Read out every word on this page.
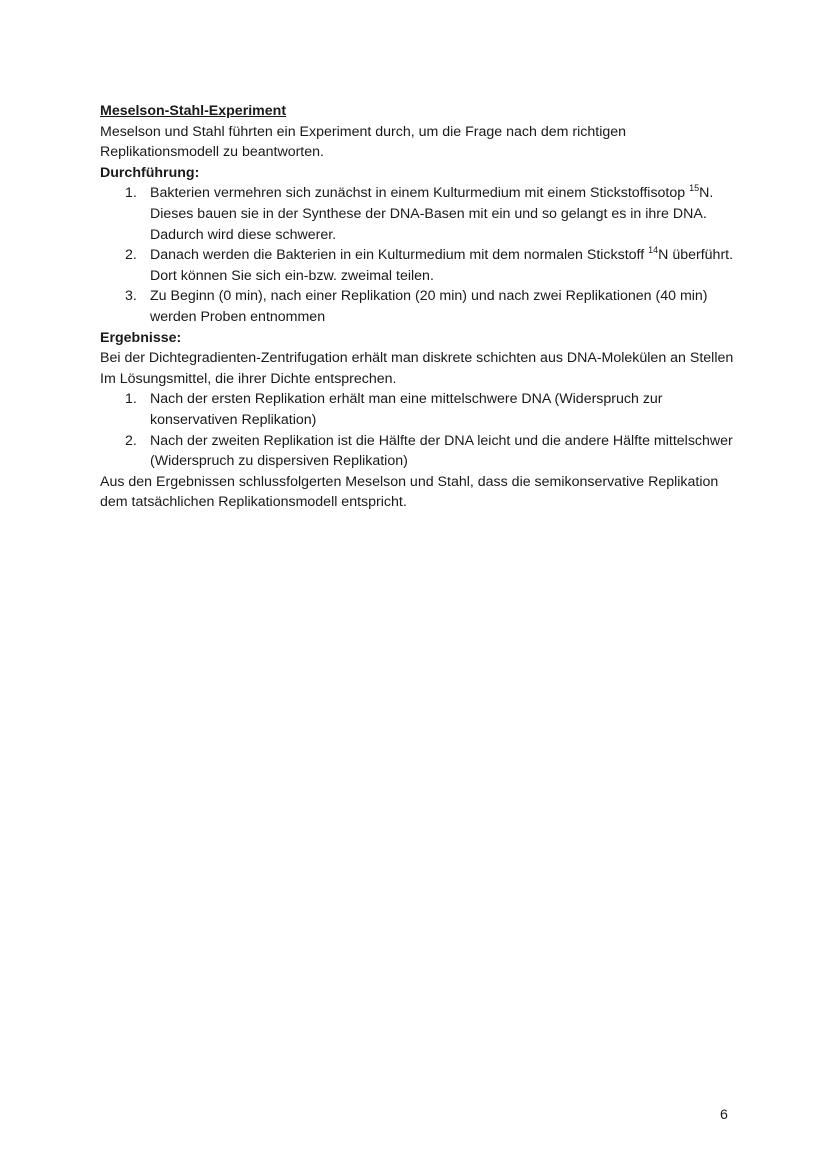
Meselson-Stahl-Experiment

Meselson und Stahl führten ein Experiment durch, um die Frage nach dem richtigen Replikationsmodell zu beantworten.

Durchführung:

1. Bakterien vermehren sich zunächst in einem Kulturmedium mit einem Stickstoffisotop $^{15}$N. Dieses bauen sie in der Synthese der DNA-Basen mit ein und so gelangt es in ihre DNA. Dadurch wird diese schwerer.
2. Danach werden die Bakterien in ein Kulturmedium mit dem normalen Stickstoff $^{14}$N überführt. Dort können Sie sich ein-bzw. zweimal teilen.
3. Zu Beginn (0 min), nach einer Replikation (20 min) und nach zwei Replikationen (40 min) werden Proben entnommen

Ergebnisse:

Bei der Dichtegradienten-Zentrifugation erhält man diskrete schichten aus DNA-Molekülen an Stellen Im Lösungsmittel, die ihrer Dichte entsprechen.

1. Nach der ersten Replikation erhält man eine mittelschwere DNA (Widerspruch zur konservativen Replikation)
2. Nach der zweiten Replikation ist die Hälfte der DNA leicht und die andere Hälfte mittelschwer (Widerspruch zu dispersiven Replikation)

Aus den Ergebnissen schlussfolgerten Meselson und Stahl, dass die semikonservative Replikation dem tatsächlichen Replikationsmodell entspricht.

6
